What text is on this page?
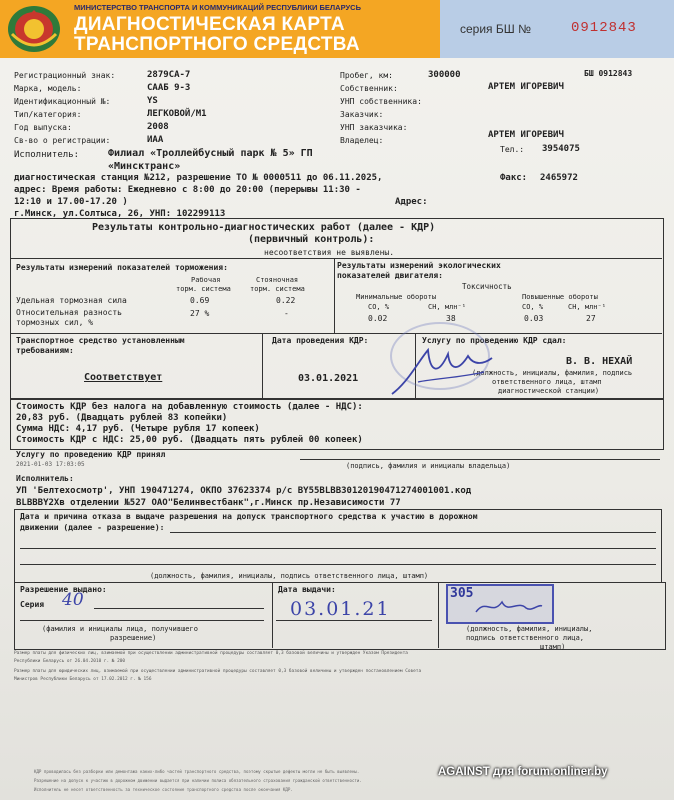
МИНИСТЕРСТВО ТРАНСПОРТА И КОММУНИКАЦИЙ РЕСПУБЛИКИ БЕЛАРУСЬ
ДИАГНОСТИЧЕСКАЯ КАРТА
ТРАНСПОРТНОГО СРЕДСТВА
серия БШ №	0912843
Регистрационный знак:	2879СА-7
Марка, модель:	СААБ 9-3
Идентификационный №:	YS
Тип/категория:	ЛЕГКОВОЙ/M1
Год выпуска:	2008
Св-во о регистрации:	ИАА
Пробег, км:	300000	БШ 0912843
Собственник:	АРТЕМ ИГОРЕВИЧ
УНП собственника:
Заказчик:
УНП заказчика:
АРТЕМ ИГОРЕВИЧ
Владелец:
Тел.: 3954075
Исполнитель:	Филиал «Троллейбусный парк № 5» ГП
«Минсктранс»
диагностическая станция №212, разрешение ТО № 0000511 до 06.11.2025,	Факс: 2465972
адрес: Время работы: Ежедневно с 8:00 до 20:00 (перерывы 11:30 -
12:10 и 17.00-17.20 )	Адрес:
г.Минск, ул.Солтыса, 26, УНП: 102299113
Результаты контрольно-диагностических работ (далее - КДР)
(первичный контроль):
несоответствия не выявлены.
Результаты измерений показателей торможения:
Рабочая
торм. система
Стояночная
торм. система
Удельная тормозная сила	0.69	0.22
Относительная разность
тормозных сил, %
27 %	-
Результаты измерений экологических
показателей двигателя:
Токсичность
Минимальные обороты	Повышенные обороты
CO, %	CH, млн⁻¹	CO, %	CH, млн⁻¹
0.02	38	0.03	27
Транспортное средство установленным
требованиям:
Соответствует
Дата проведения КДР:
03.01.2021
Услугу по проведению КДР сдал:
В. В. НЕХАЙ
(должность, инициалы, фамилия, подпись
ответственного лица, штамп
диагностической станции)
Стоимость КДР без налога на добавленную стоимость (далее - НДС):
20,83 руб. (Двадцать рублей 83 копейки)
Сумма НДС: 4,17 руб. (Четыре рубля 17 копеек)
Стоимость КДР с НДС: 25,00 руб. (Двадцать пять рублей 00 копеек)
Услугу по проведению КДР принял
2021-01-03 17:03:05	(подпись, фамилия и инициалы владельца)
Исполнитель:
УП 'Белтехосмотр', УНП 190471274, ОКПО 37623374 р/с BY55BLBB30120190471274001001.код
BLBBBY2Xв отделении №527 ОАО"Белинвестбанк",г.Минск пр.Независимости 77
Дата и причина отказа в выдаче разрешения на допуск транспортного средства к участию в дорожном
движении (далее - разрешение):
(должность, фамилия, инициалы, подпись ответственного лица, штамп)
Разрешение выдано:
Серия 40
(фамилия и инициалы лица, получившего
разрешение)
Дата выдачи:
03.01.21
305
(должность, фамилия, инициалы,
подпись ответственного лица,
штамп)
Размер платы для физических лиц, взимаемой при осуществлении административной процедуры составляет 0,3 базовой величины и утвержден Указом Президента
Республики Беларусь от 26.04.2010 г. № 200
Размер платы для юридических лиц, взимаемой при осуществлении административной процедуры составляет 0,3 базовой величины и утвержден постановлением Совета
Министров Республики Беларусь от 17.02.2012 г. № 156
КДР проводилась без разборки или демонтажа каких-либо частей транспортного средства, поэтому скрытые дефекты могли не быть выявлены.
Разрешение на допуск к участию в дорожном движении выдается при наличии полиса обязательного страхования гражданской ответственности.
Исполнитель не несет ответственность за техническое состояние транспортного средства после окончания КДР.
AGAINST для forum.onliner.by
